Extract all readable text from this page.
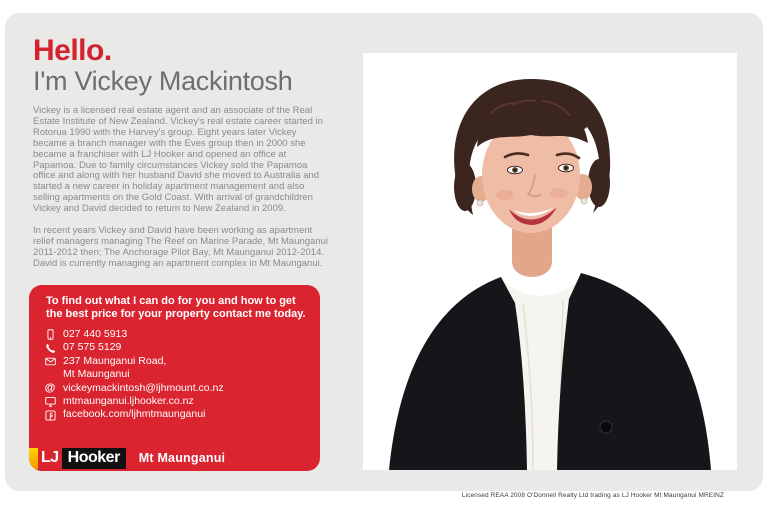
Hello.
I'm Vickey Mackintosh

Vickey is a licensed real estate agent and an associate of the Real Estate Institute of New Zealand. Vickey's real estate career started in Rotorua 1990 with the Harvey's group. Eight years later Vickey became a branch manager with the Eves group then in 2000 she became a franchiser with LJ Hooker and opened an office at Papamoa. Due to family circumstances Vickey sold the Papamoa office and along with her husband David she moved to Australia and started a new career in holiday apartment management and also selling apartments on the Gold Coast. With arrival of grandchildren Vickey and David decided to return to New Zealand in 2009.

In recent years Vickey and David have been working as apartment relief managers managing The Reef on Marine Parade, Mt Maunganui 2011-2012 then; The Anchorage Pilot Bay, Mt Maunganui 2012-2014. David is currently managing an apartment complex in Mt Maunganui.

To find out what I can do for you and how to get the best price for your property contact me today.
027 440 5913
07 575 5129
237 Maunganui Road,
Mt Maunganui
@ vickeymackintosh@ljhmount.co.nz
mtmaunganui.ljhooker.co.nz
facebook.com/ljhmtmaunganui
LJ Hooker	Mt Maunganui
Licensed REAA 2008 O'Donnell Realty Ltd trading as LJ Hooker Mt Maunganui MREINZ
